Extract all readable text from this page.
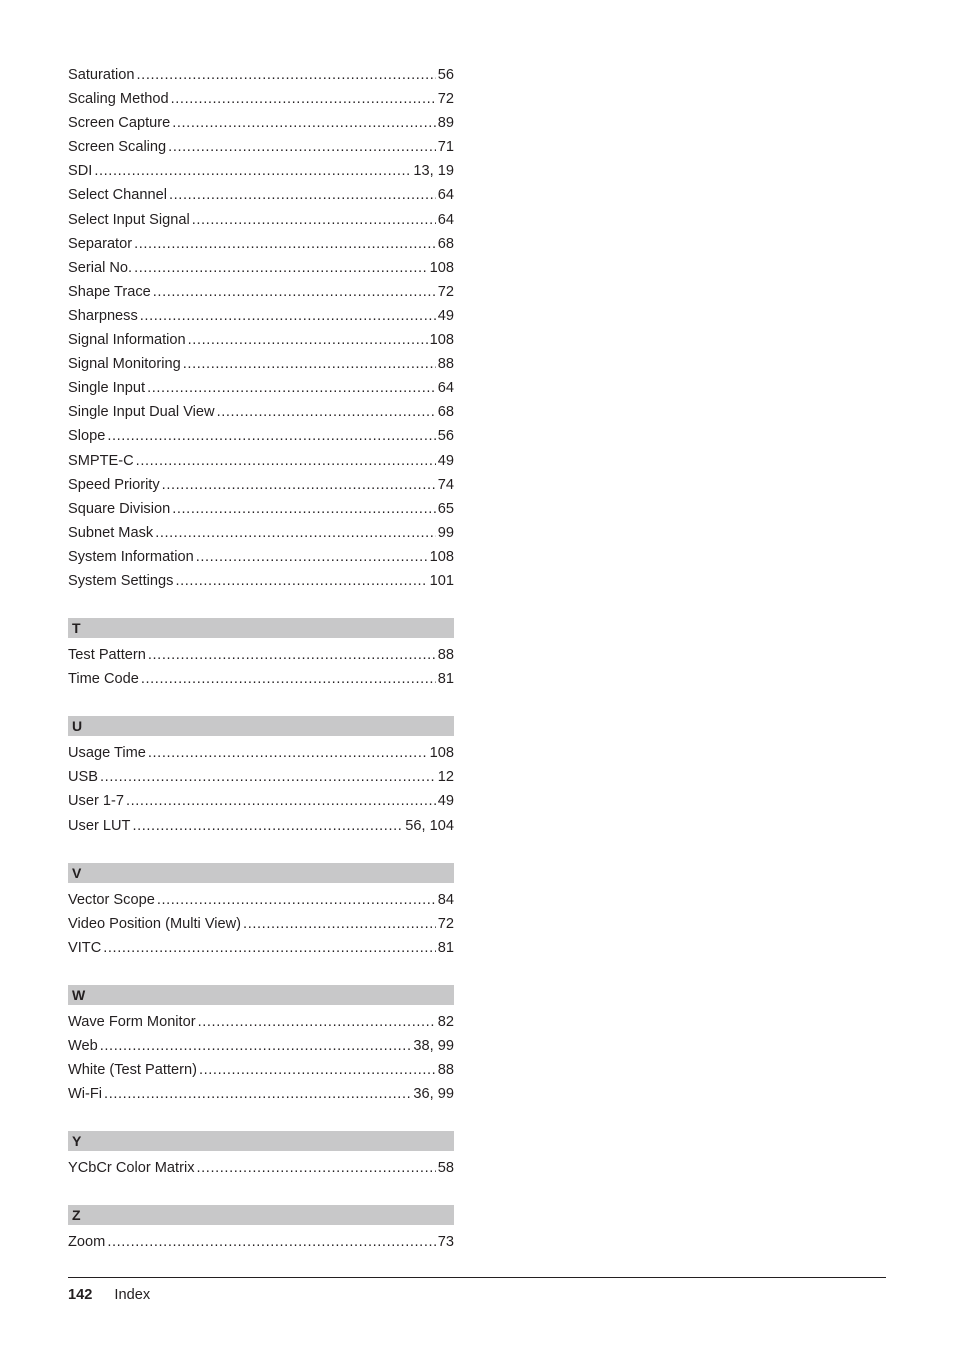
Saturation .....	56
Scaling Method .....	72
Screen Capture .....	89
Screen Scaling .....	71
SDI .....	13, 19
Select Channel .....	64
Select Input Signal .....	64
Separator .....	68
Serial No. .....	108
Shape Trace .....	72
Sharpness .....	49
Signal Information .....	108
Signal Monitoring .....	88
Single Input .....	64
Single Input Dual View .....	68
Slope .....	56
SMPTE-C .....	49
Speed Priority .....	74
Square Division .....	65
Subnet Mask .....	99
System Information .....	108
System Settings .....	101
T
Test Pattern .....	88
Time Code .....	81
U
Usage Time .....	108
USB .....	12
User 1-7 .....	49
User LUT .....	56, 104
V
Vector Scope .....	84
Video Position (Multi View) .....	72
VITC .....	81
W
Wave Form Monitor .....	82
Web .....	38, 99
White (Test Pattern) .....	88
Wi-Fi .....	36, 99
Y
YCbCr Color Matrix .....	58
Z
Zoom .....	73
142 Index
